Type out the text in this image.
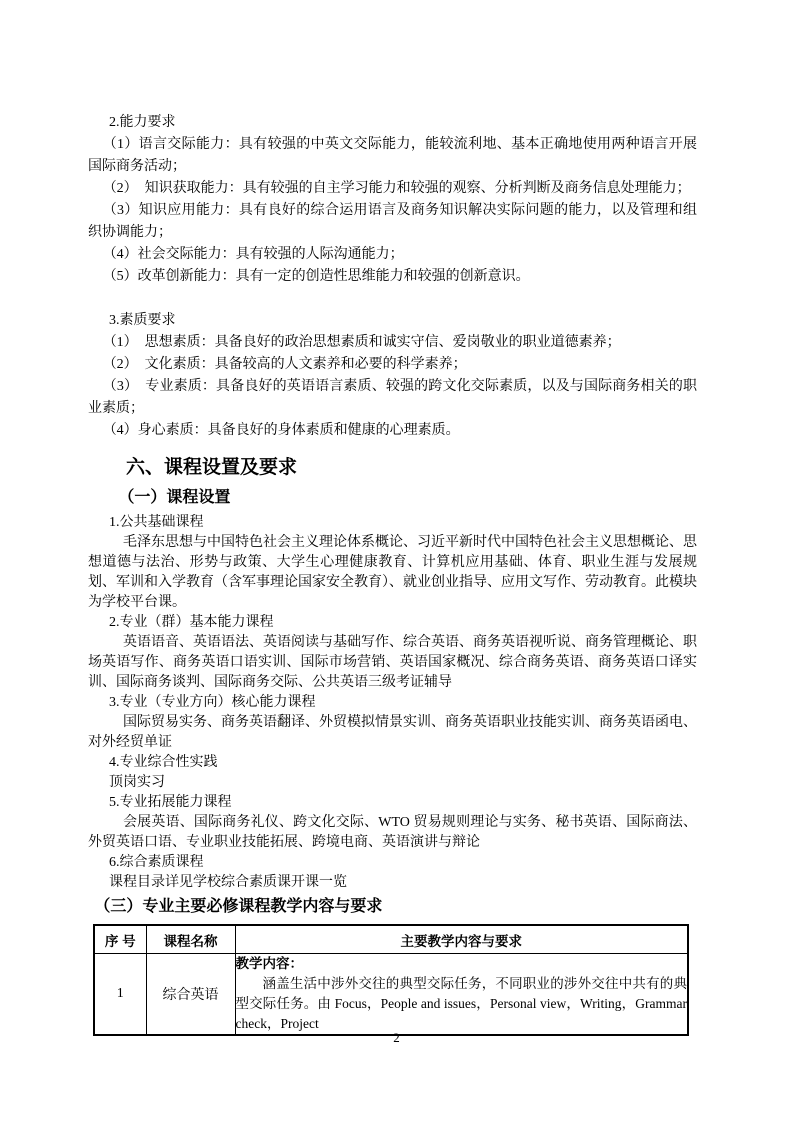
2.能力要求

（1）语言交际能力：具有较强的中英文交际能力，能较流利地、基本正确地使用两种语言开展国际商务活动；

（2）　知识获取能力：具有较强的自主学习能力和较强的观察、分析判断及商务信息处理能力；

（3）知识应用能力：具有良好的综合运用语言及商务知识解决实际问题的能力，以及管理和组织协调能力；

（4）社会交际能力：具有较强的人际沟通能力；

（5）改革创新能力：具有一定的创造性思维能力和较强的创新意识。

3.素质要求

（1）　思想素质：具备良好的政治思想素质和诚实守信、爱岗敬业的职业道德素养；

（2）　文化素质：具备较高的人文素养和必要的科学素养；

（3）　专业素质：具备良好的英语语言素质、较强的跨文化交际素质，以及与国际商务相关的职业素质；

（4）身心素质：具备良好的身体素质和健康的心理素质。

六、课程设置及要求
（一）课程设置

1.公共基础课程

毛泽东思想与中国特色社会主义理论体系概论、习近平新时代中国特色社会主义思想概论、思想道德与法治、形势与政策、大学生心理健康教育、计算机应用基础、体育、职业生涯与发展规划、军训和入学教育（含军事理论国家安全教育）、就业创业指导、应用文写作、劳动教育。此模块为学校平台课。

2.专业（群）基本能力课程

英语语音、英语语法、英语阅读与基础写作、综合英语、商务英语视听说、商务管理概论、职场英语写作、商务英语口语实训、国际市场营销、英语国家概况、综合商务英语、商务英语口译实训、国际商务谈判、国际商务交际、公共英语三级考证辅导

3.专业（专业方向）核心能力课程

国际贸易实务、商务英语翻译、外贸模拟情景实训、商务英语职业技能实训、商务英语函电、对外经贸单证

4.专业综合性实践

顶岗实习

5.专业拓展能力课程

会展英语、国际商务礼仪、跨文化交际、WTO 贸易规则理论与实务、秘书英语、国际商法、外贸英语口语、专业职业技能拓展、跨境电商、英语演讲与辩论

6.综合素质课程

课程目录详见学校综合素质课开课一览

（三）专业主要必修课程教学内容与要求
序 号	课程名称	主要教学内容与要求
1	综合英语	教学内容：
涵盖生活中涉外交往的典型交际任务，不同职业的涉外交往中共有的典型交际任务。由 Focus，People and issues，Personal view，Writing，Grammar check，Project
2
